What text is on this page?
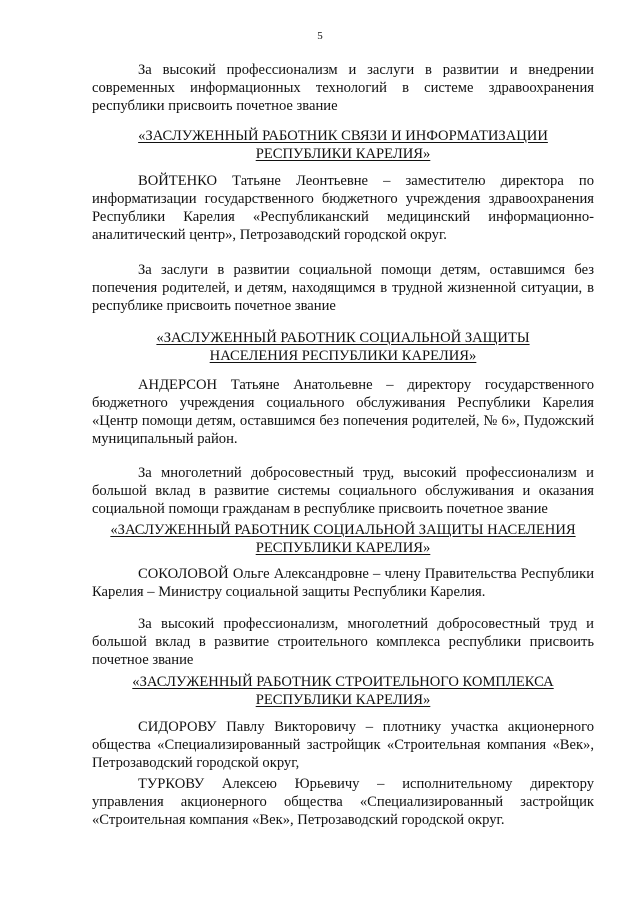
5

За высокий профессионализм и заслуги в развитии и внедрении современных информационных технологий в системе здравоохранения республики присвоить почетное звание

«ЗАСЛУЖЕННЫЙ РАБОТНИК СВЯЗИ И ИНФОРМАТИЗАЦИИ
РЕСПУБЛИКИ КАРЕЛИЯ»

ВОЙТЕНКО Татьяне Леонтьевне – заместителю директора по информатизации государственного бюджетного учреждения здравоохранения Республики Карелия «Республиканский медицинский информационно-аналитический центр», Петрозаводский городской округ.

За заслуги в развитии социальной помощи детям, оставшимся без попечения родителей, и детям, находящимся в трудной жизненной ситуации, в республике присвоить почетное звание

«ЗАСЛУЖЕННЫЙ РАБОТНИК СОЦИАЛЬНОЙ ЗАЩИТЫ
НАСЕЛЕНИЯ РЕСПУБЛИКИ КАРЕЛИЯ»

АНДЕРСОН Татьяне Анатольевне – директору государственного бюджетного учреждения социального обслуживания Республики Карелия «Центр помощи детям, оставшимся без попечения родителей, № 6», Пудожский муниципальный район.

За многолетний добросовестный труд, высокий профессионализм и большой вклад в развитие системы социального обслуживания и оказания социальной помощи гражданам в республике присвоить почетное звание

«ЗАСЛУЖЕННЫЙ РАБОТНИК СОЦИАЛЬНОЙ ЗАЩИТЫ НАСЕЛЕНИЯ
РЕСПУБЛИКИ КАРЕЛИЯ»

СОКОЛОВОЙ Ольге Александровне – члену Правительства Республики Карелия – Министру социальной защиты Республики Карелия.

За высокий профессионализм, многолетний добросовестный труд и большой вклад в развитие строительного комплекса республики присвоить почетное звание

«ЗАСЛУЖЕННЫЙ РАБОТНИК СТРОИТЕЛЬНОГО КОМПЛЕКСА
РЕСПУБЛИКИ КАРЕЛИЯ»

СИДОРОВУ Павлу Викторовичу – плотнику участка акционерного общества «Специализированный застройщик «Строительная компания «Век», Петрозаводский городской округ,

ТУРКОВУ Алексею Юрьевичу – исполнительному директору управления акционерного общества «Специализированный застройщик «Строительная компания «Век», Петрозаводский городской округ.
